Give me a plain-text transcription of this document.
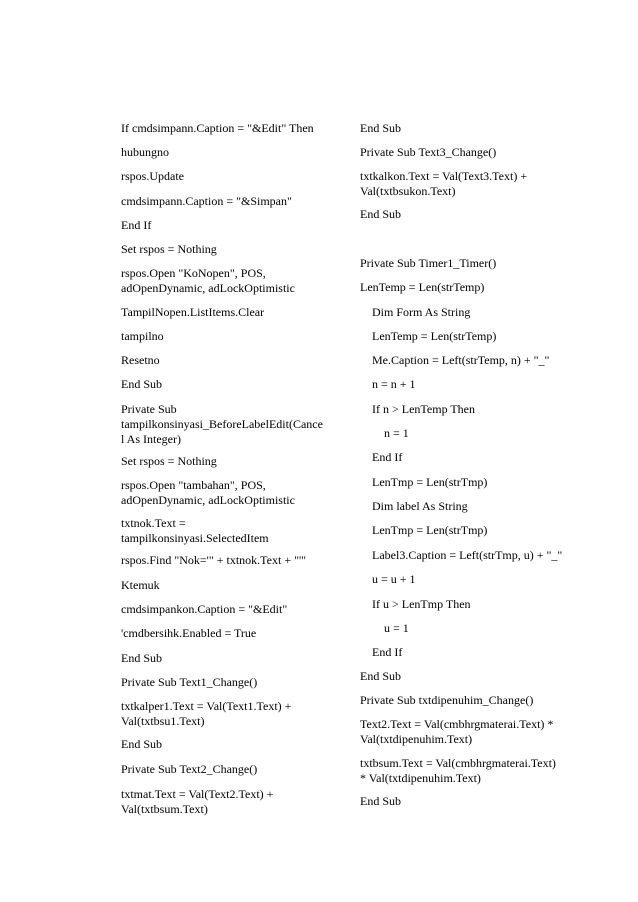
If cmdsimpann.Caption = "&Edit" Then
hubungno
rspos.Update
cmdsimpann.Caption = "&Simpan"
End If
Set rspos = Nothing
rspos.Open "KoNopen", POS,
adOpenDynamic, adLockOptimistic
TampilNopen.ListItems.Clear
tampilno
Resetno
End Sub
Private Sub
tampilkonsinyasi_BeforeLabelEdit(Cance
l As Integer)
Set rspos = Nothing
rspos.Open "tambahan", POS,
adOpenDynamic, adLockOptimistic
txtnok.Text =
tampilkonsinyasi.SelectedItem
rspos.Find "Nok='" + txtnok.Text + "'"
Ktemuk
cmdsimpankon.Caption = "&Edit"
'cmdbersihk.Enabled = True
End Sub
Private Sub Text1_Change()
txtkalper1.Text = Val(Text1.Text) +
Val(txtbsu1.Text)
End Sub
Private Sub Text2_Change()
txtmat.Text = Val(Text2.Text) +
Val(txtbsum.Text)
End Sub
Private Sub Text3_Change()
txtkalkon.Text = Val(Text3.Text) +
Val(txtbsukon.Text)
End Sub
Private Sub Timer1_Timer()
LenTemp = Len(strTemp)
Dim Form As String
LenTemp = Len(strTemp)
Me.Caption = Left(strTemp, n) + "_"
n = n + 1
If n > LenTemp Then
n = 1
End If
LenTmp = Len(strTmp)
Dim label As String
LenTmp = Len(strTmp)
Label3.Caption = Left(strTmp, u) + "_"
u = u + 1
If u > LenTmp Then
u = 1
End If
End Sub
Private Sub txtdipenuhim_Change()
Text2.Text = Val(cmbhrgmaterai.Text) *
Val(txtdipenuhim.Text)
txtbsum.Text = Val(cmbhrgmaterai.Text)
* Val(txtdipenuhim.Text)
End Sub
